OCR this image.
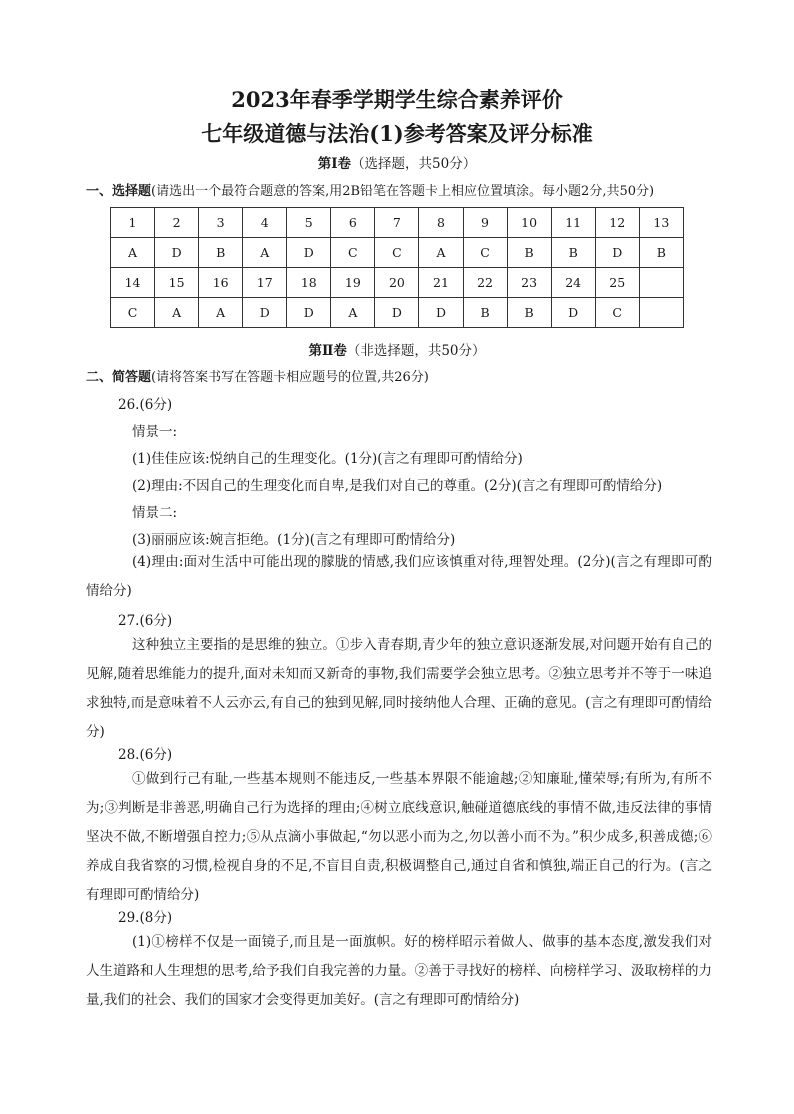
2023年春季学期学生综合素养评价
七年级道德与法治(1)参考答案及评分标准
第Ⅰ卷（选择题，共50分）
一、选择题(请选出一个最符合题意的答案,用2B铅笔在答题卡上相应位置填涂。每小题2分,共50分)
1	2	3	4	5	6	7	8	9	10	11	12	13
A	D	B	A	D	C	C	A	C	B	B	D	B
14	15	16	17	18	19	20	21	22	23	24	25	
C	A	A	D	D	A	D	D	B	B	D	C	
第Ⅱ卷（非选择题，共50分）
二、简答题(请将答案书写在答题卡相应题号的位置,共26分)
26.(6分)
情景一:
(1)佳佳应该:悦纳自己的生理变化。(1分)(言之有理即可酌情给分)
(2)理由:不因自己的生理变化而自卑,是我们对自己的尊重。(2分)(言之有理即可酌情给分)
情景二:
(3)丽丽应该:婉言拒绝。(1分)(言之有理即可酌情给分)
(4)理由:面对生活中可能出现的朦胧的情感,我们应该慎重对待,理智处理。(2分)(言之有理即可酌情给分)
27.(6分)
这种独立主要指的是思维的独立。①步入青春期,青少年的独立意识逐渐发展,对问题开始有自己的见解,随着思维能力的提升,面对未知而又新奇的事物,我们需要学会独立思考。②独立思考并不等于一味追求独特,而是意味着不人云亦云,有自己的独到见解,同时接纳他人合理、正确的意见。(言之有理即可酌情给分)
28.(6分)
①做到行己有耻,一些基本规则不能违反,一些基本界限不能逾越;②知廉耻,懂荣辱;有所为,有所不为;③判断是非善恶,明确自己行为选择的理由;④树立底线意识,触碰道德底线的事情不做,违反法律的事情坚决不做,不断增强自控力;⑤从点滴小事做起,“勿以恶小而为之,勿以善小而不为。”积少成多,积善成德;⑥养成自我省察的习惯,检视自身的不足,不盲目自责,积极调整自己,通过自省和慎独,端正自己的行为。(言之有理即可酌情给分)
29.(8分)
(1)①榜样不仅是一面镜子,而且是一面旗帜。好的榜样昭示着做人、做事的基本态度,激发我们对人生道路和人生理想的思考,给予我们自我完善的力量。②善于寻找好的榜样、向榜样学习、汲取榜样的力量,我们的社会、我们的国家才会变得更加美好。(言之有理即可酌情给分)
